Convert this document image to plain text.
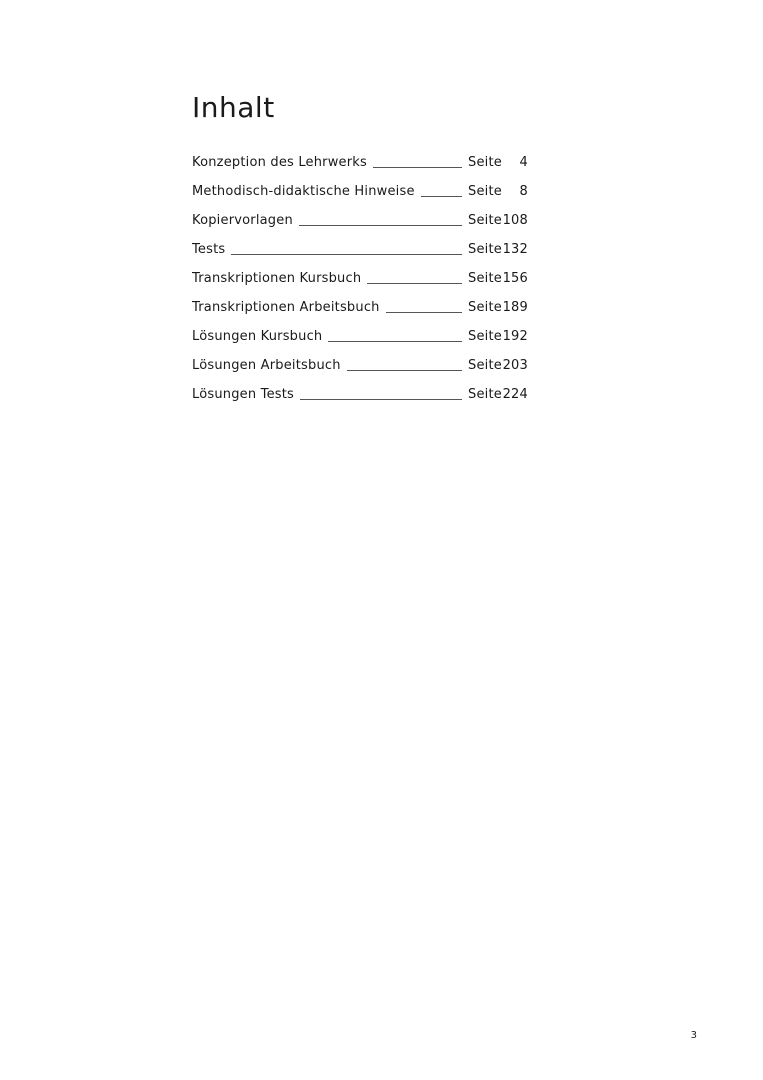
Inhalt
Konzeption des Lehrwerks	Seite 4
Methodisch-didaktische Hinweise	Seite 8
Kopiervorlagen	Seite108
Tests	Seite132
Transkriptionen Kursbuch	Seite156
Transkriptionen Arbeitsbuch	Seite189
Lösungen Kursbuch	Seite192
Lösungen Arbeitsbuch	Seite203
Lösungen Tests	Seite224
3
